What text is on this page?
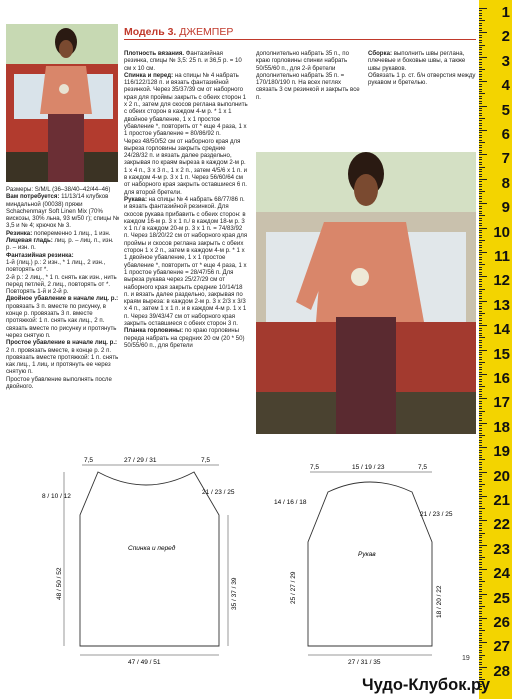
Модель 3. ДЖЕМПЕР

Размеры: S/M/L (36–38/40–42/44–46)

Вам потребуется: 11/13/14 клубков миндальной (00038) пряжи Schachenmayr Soft Linen Mix (70% вискозы, 30% льна, 93 м/50 г); спицы № 3,5 и № 4; крючок № 3.

Резинка: попеременно 1 лиц., 1 изн.

Лицевая гладь: лиц. р. – лиц. п., изн. р. – изн. п.

Фантазийная резинка:

1-й (лиц.) р.: 2 изн., * 1 лиц., 2 изн., повторять от *.

2-й р.: 2 лиц., * 1 п. снять как изн., нить перед петлей, 2 лиц., повторять от *.

Повторять 1-й и 2-й р.

Двойное убавление в начале лиц. р.: провязать 3 п. вместе по рисунку, в конце р. провязать 3 п. вместе протяжкой: 1 п. снять как лиц., 2 п. связать вместе по рисунку и протянуть через снятую п.

Простое убавление в начале лиц. р.: 2 п. провязать вместе, в конце р. 2 п. провязать вместе протяжкой: 1 п. снять как лиц., 1 лиц. и протянуть ее через снятую п.

Простое убавление выполнять после двойного.

Плотность вязания. Фантазийная резинка, спицы № 3,5: 25 п. и 36,5 р. = 10 см х 10 см.

Спинка и перед: на спицы № 4 набрать 116/122/128 п. и вязать фантазийной резинкой. Через 35/37/39 см от наборного края для проймы закрыть с обеих сторон 1 х 2 п., затем для скосов реглана выполнить с обеих сторон в каждом 4-м р. * 1 х 1 двойное убавление, 1 х 1 простое убавление *, повторить от * еще 4 раза, 1 х 1 простое убавление = 80/86/92 п.

Через 48/50/52 см от наборного края для выреза горловины закрыть средние 24/28/32 п. и вязать далее раздельно, закрывая по краям выреза в каждом 2-м р. 1 х 4 п., 3 х 3 п., 1 х 2 п., затем 4/5/6 х 1 п. и в каждом 4-м р. 3 х 1 п. Через 56/60/64 см от наборного края закрыть оставшиеся 6 п. для второй бретели.

Рукава: на спицы № 4 набрать 68/77/86 п. и вязать фантазийной резинкой. Для скосов рукава прибавить с обеих сторон: в каждом 16-м р. 3 х 1 п./ в каждом 18-м р. 3 х 1 п./ в каждом 20-м р. 3 х 1 п. = 74/83/92 п. Через 18/20/22 см от наборного края для проймы и скосов реглана закрыть с обеих сторон 1 х 2 п., затем в каждом 4-м р. * 1 х 1 двойное убавление, 1 х 1 простое убавление *, повторить от * еще 4 раза, 1 х 1 простое убавление = 28/47/56 п. Для выреза рукава через 25/27/29 см от наборного края закрыть средние 10/14/18 п. и вязать далее раздельно, закрывая по краям выреза: в каждом 2-м р. 3 х 2/3 х 3/3 х 4 п., затем 1 х 1 п. и в каждом 4-м р. 1 х 1 п. Через 39/43/47 см от наборного края закрыть оставшиеся с обеих сторон 3 п.

Планка горловины: по краю горловины переда набрать на средних 20 см (20 * 50) 50/55/60 п., для бретели

дополнительно набрать 35 п., по краю горловины спинки набрать 50/55/60 п., для 2-й бретели дополнительно набрать 35 п. = 170/180/190 п. На всех петлях связать 3 см резинкой и закрыть все п.

Сборка: выполнить швы реглана, плечевые и боковые швы, а также швы рукавов.

Обвязать 1 р. ст. б/н отверстия между рукавом и бретелью.

7,5	27 / 29 / 31	7,5
8 / 10 / 12
21 / 23 / 25
Спинка и перед
48 / 50 / 52	35 / 37 / 39
47 / 49 / 51
7,5	15 / 19 / 23	7,5
14 / 16 / 18
21 / 23 / 25
Рукав
25 / 27 / 29	18 / 20 / 22
27 / 31 / 35
1
2
3
4
5
6
7
8
9
10
11
12
13
14
15
16
17
18
19
20
21
22
23
24
25
26
27
28
19
Чудо-Клубок.ру
